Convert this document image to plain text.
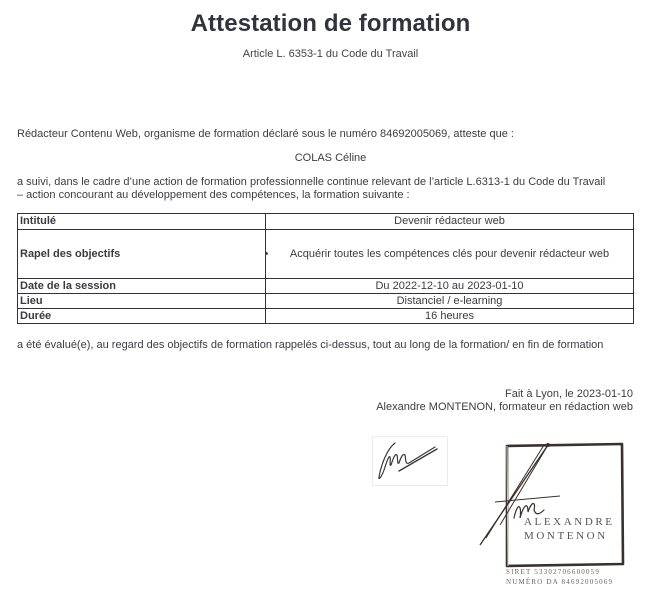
Attestation de formation
Article L. 6353-1 du Code du Travail
Rédacteur Contenu Web, organisme de formation déclaré sous le numéro 84692005069, atteste que :
COLAS Céline
a suivi, dans le cadre d’une action de formation professionnelle continue relevant de l’article L.6313-1 du Code du Travail
– action concourant au développement des compétences, la formation suivante :
Intitulé	Devenir rédacteur web
Rapel des objectifs	• Acquérir toutes les compétences clés pour devenir rédacteur web

Date de la session	Du 2022-12-10 au 2023-01-10
Lieu	Distanciel / e-learning
Durée	16 heures
a été évalué(e), au regard des objectifs de formation rappelés ci-dessus, tout au long de la formation/ en fin de formation
Fait à Lyon, le 2023-01-10
Alexandre MONTENON, formateur en rédaction web
ALEXANDRE
MONTENON
SIRET 53302706600059
NUMÉRO DA 84692005069
